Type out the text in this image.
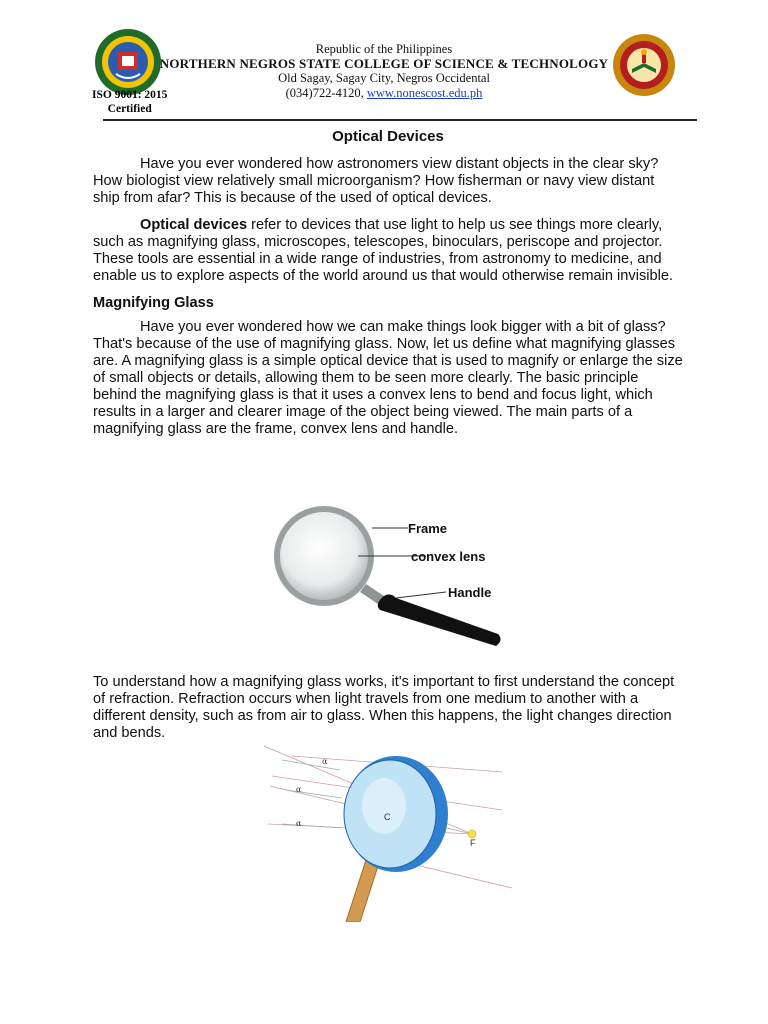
Republic of the Philippines
NORTHERN NEGROS STATE COLLEGE OF SCIENCE & TECHNOLOGY
Old Sagay, Sagay City, Negros Occidental
(034)722-4120, www.nonescost.edu.ph
ISO 9001: 2015
Certified
Optical Devices

Have you ever wondered how astronomers view distant objects in the clear sky? How biologist view relatively small microorganism? How fisherman or navy view distant ship from afar? This is because of the used of optical devices.

Optical devices refer to devices that use light to help us see things more clearly, such as magnifying glass, microscopes, telescopes, binoculars, periscope and projector. These tools are essential in a wide range of industries, from astronomy to medicine, and enable us to explore aspects of the world around us that would otherwise remain invisible.

Magnifying Glass

Have you ever wondered how we can make things look bigger with a bit of glass? That's because of the use of magnifying glass. Now, let us define what magnifying glasses are. A magnifying glass is a simple optical device that is used to magnify or enlarge the size of small objects or details, allowing them to be seen more clearly. The basic principle behind the magnifying glass is that it uses a convex lens to bend and focus light, which results in a larger and clearer image of the object being viewed. The main parts of a magnifying glass are the frame, convex lens and handle.

Frame
convex lens
Handle

To understand how a magnifying glass works, it's important to first understand the concept of refraction. Refraction occurs when light travels from one medium to another with a different density, such as from air to glass. When this happens, the light changes direction and bends.

α
α
α
C
F
